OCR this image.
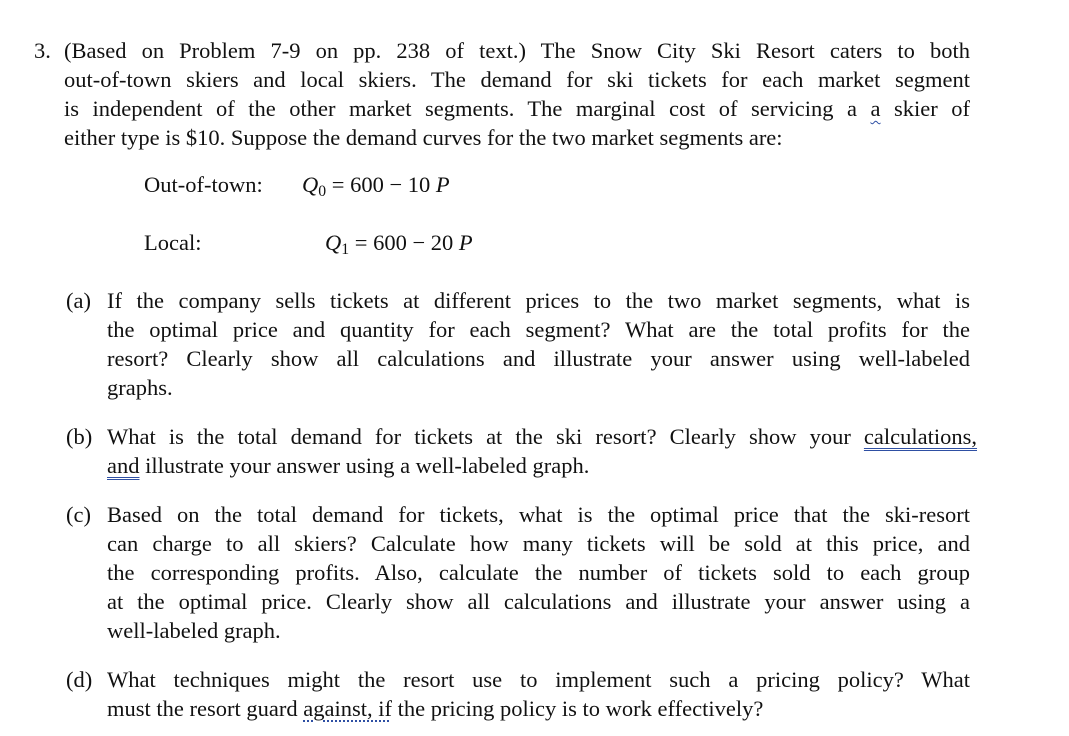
3. (Based on Problem 7-9 on pp. 238 of text.) The Snow City Ski Resort caters to both
out-of-town skiers and local skiers. The demand for ski tickets for each market segment
is independent of the other market segments. The marginal cost of servicing a a skier of
either type is $10. Suppose the demand curves for the two market segments are:
Out-of-town: $Q_0 = 600 - 10$ P
Local:	$Q_1 = 600 - 20$ P
(a) If the company sells tickets at different prices to the two market segments, what is
the optimal price and quantity for each segment? What are the total profits for the
resort? Clearly show all calculations and illustrate your answer using well-labeled
graphs.
(b) What is the total demand for tickets at the ski resort? Clearly show your calculations,
and illustrate your answer using a well-labeled graph.
(c) Based on the total demand for tickets, what is the optimal price that the ski-resort
can charge to all skiers? Calculate how many tickets will be sold at this price, and
the corresponding profits. Also, calculate the number of tickets sold to each group
at the optimal price. Clearly show all calculations and illustrate your answer using a
well-labeled graph.
(d) What techniques might the resort use to implement such a pricing policy? What
must the resort guard against, if the pricing policy is to work effectively?
